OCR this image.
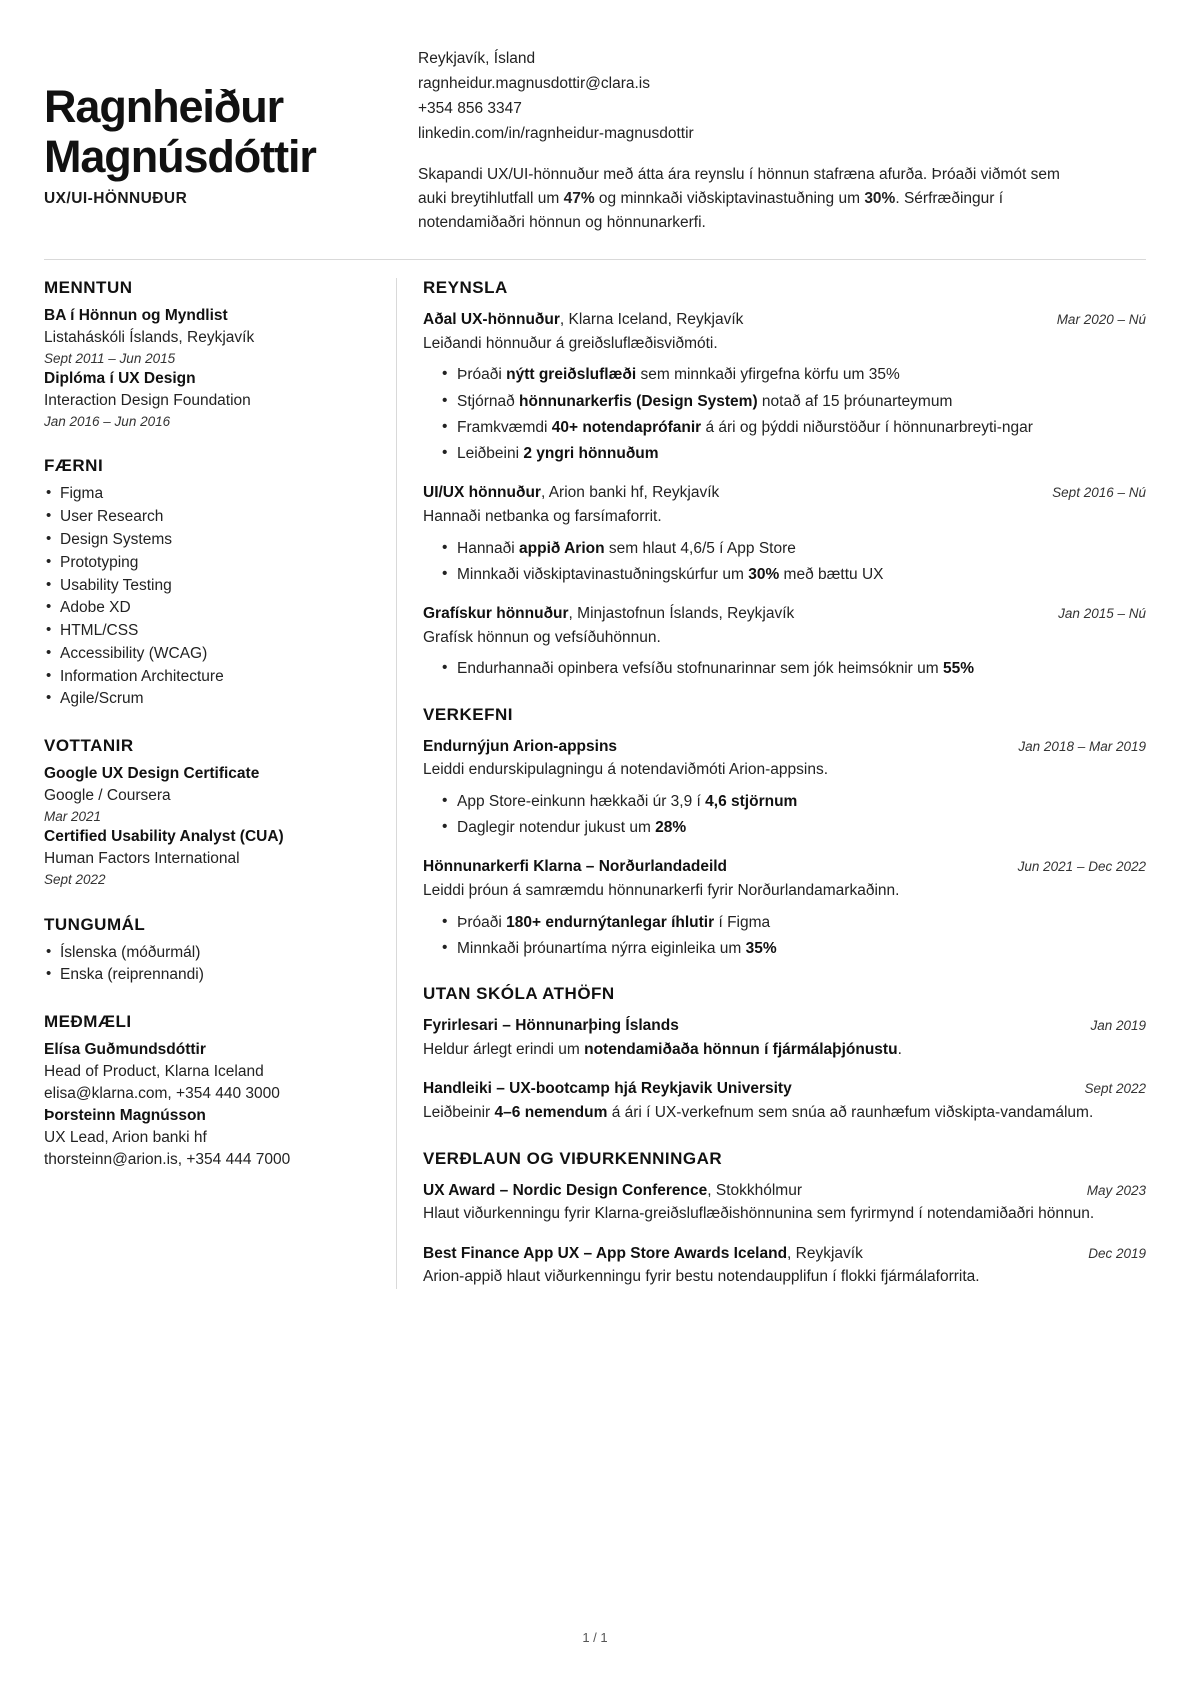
Ragnheiður
Magnúsdóttir
UX/UI-HÖNNUÐUR
Reykjavík, Ísland
ragnheidur.magnusdottir@clara.is
+354 856 3347
linkedin.com/in/ragnheidur-magnusdottir
Skapandi UX/UI-hönnuður með átta ára reynslu í hönnun stafræna afurða. Þróaði viðmót sem auki breytihlutfall um 47% og minnkaði viðskiptavinastuðning um 30%. Sérfræðingur í notendamiðaðri hönnun og hönnunarkerfi.
MENNTUN
BA í Hönnun og Myndlist
Listaháskóli Íslands, Reykjavík
Sept 2011 – Jun 2015
Diplóma í UX Design
Interaction Design Foundation
Jan 2016 – Jun 2016
FÆRNI
• Figma
• User Research
• Design Systems
• Prototyping
• Usability Testing
• Adobe XD
• HTML/CSS
• Accessibility (WCAG)
• Information Architecture
• Agile/Scrum
VOTTANIR
Google UX Design Certificate
Google / Coursera
Mar 2021
Certified Usability Analyst (CUA)
Human Factors International
Sept 2022
TUNGUMÁL
• Íslenska (móðurmál)
• Enska (reiprennandi)
MEÐMÆLI
Elísa Guðmundsdóttir
Head of Product, Klarna Iceland
elisa@klarna.com, +354 440 3000
Þorsteinn Magnússon
UX Lead, Arion banki hf
thorsteinn@arion.is, +354 444 7000
REYNSLA
Aðal UX-hönnuður, Klarna Iceland, Reykjavík	Mar 2020 – Nú
Leiðandi hönnuður á greiðsluflæðisviðmóti.
• Þróaði nýtt greiðsluflæði sem minnkaði yfirgefna körfu um 35%
• Stjórnað hönnunarkerfis (Design System) notað af 15 þróunarteymum
• Framkvæmdi 40+ notendaprófanir á ári og þýddi niðurstöður í hönnunarbreyti-ngar
• Leiðbeini 2 yngri hönnuðum
UI/UX hönnuður, Arion banki hf, Reykjavík	Sept 2016 – Nú
Hannaði netbanka og farsímaforrit.
• Hannaði appið Arion sem hlaut 4,6/5 í App Store
• Minnkaði viðskiptavinastuðningskúrfur um 30% með bættu UX
Grafískur hönnuður, Minjastofnun Íslands, Reykjavík	Jan 2015 – Nú
Grafísk hönnun og vefsíðuhönnun.
• Endurhannaði opinbera vefsíðu stofnunarinnar sem jók heimsóknir um 55%
VERKEFNI
Endurnýjun Arion-appsins	Jan 2018 – Mar 2019
Leiddi endurskipulagningu á notendaviðmóti Arion-appsins.
• App Store-einkunn hækkaði úr 3,9 í 4,6 stjörnum
• Daglegir notendur jukust um 28%
Hönnunarkerfi Klarna – Norðurlandadeild	Jun 2021 – Dec 2022
Leiddi þróun á samræmdu hönnunarkerfi fyrir Norðurlandamarkaðinn.
• Þróaði 180+ endurnýtanlegar íhlutir í Figma
• Minnkaði þróunartíma nýrra eiginleika um 35%
UTAN SKÓLA ATHÖFN
Fyrirlesari – Hönnunarþing Íslands	Jan 2019
Heldur árlegt erindi um notendamiðaða hönnun í fjármálaþjónustu.
Handleiki – UX-bootcamp hjá Reykjavik University	Sept 2022
Leiðbeinir 4–6 nemendum á ári í UX-verkefnum sem snúa að raunhæfum viðskipta-vandamálum.
VERÐLAUN OG VIÐURKENNINGAR
UX Award – Nordic Design Conference, Stokkhólmur	May 2023
Hlaut viðurkenningu fyrir Klarna-greiðsluflæðishönnunina sem fyrirmynd í notendamiðaðri hönnun.
Best Finance App UX – App Store Awards Iceland, Reykjavík	Dec 2019
Arion-appið hlaut viðurkenningu fyrir bestu notendaupplifun í flokki fjármálaforrita.
1 / 1
